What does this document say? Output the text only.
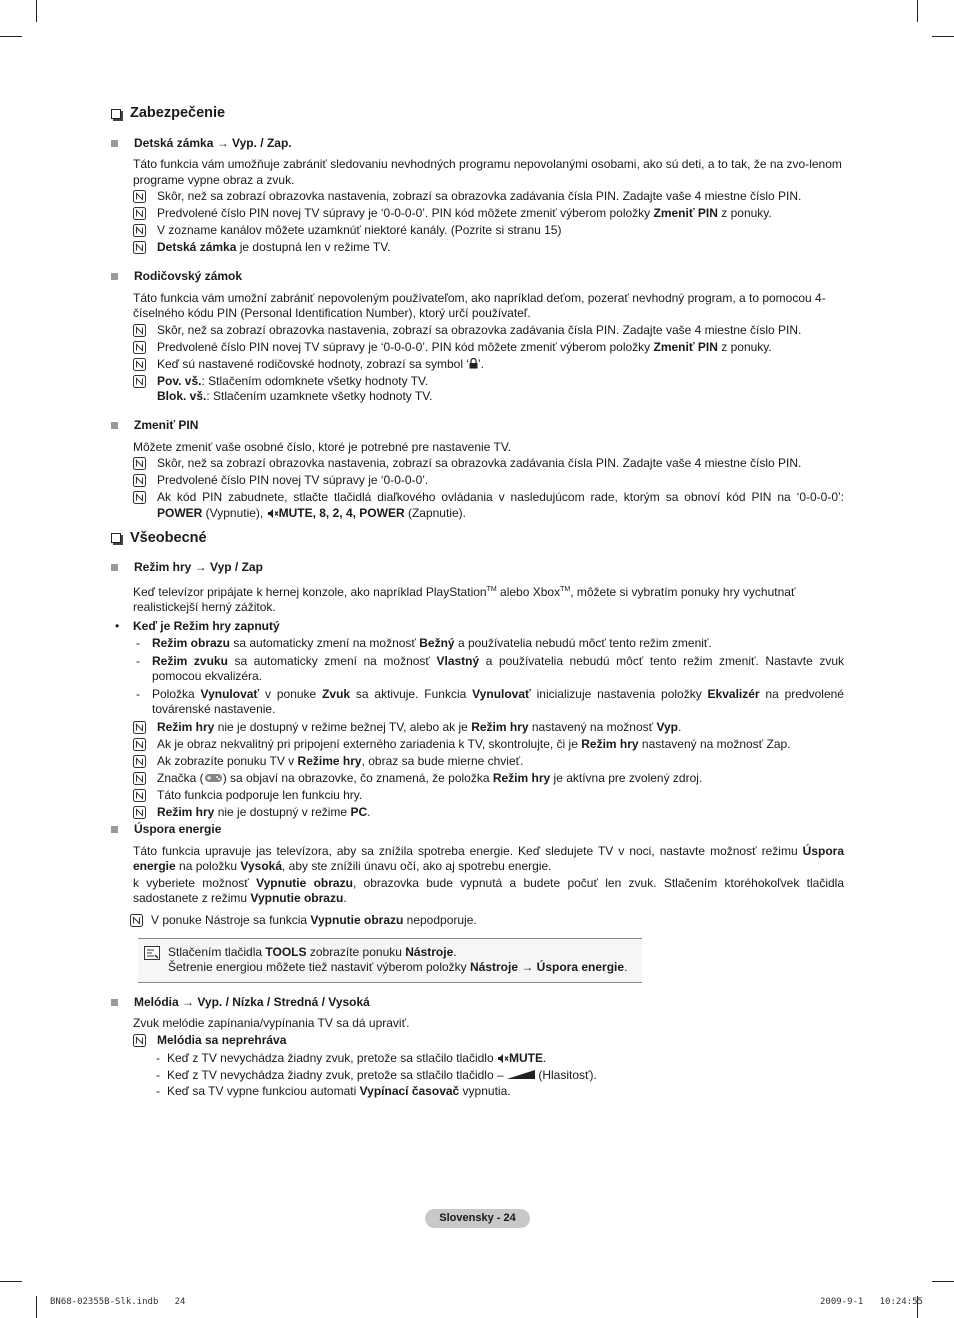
Zabezpečenie
Detská zámka → Vyp. / Zap.
Táto funkcia vám umožňuje zabrániť sledovaniu nevhodných programu nepovolanými osobami, ako sú deti, a to tak, že na zvo-lenom programe vypne obraz a zvuk.
Skôr, než sa zobrazí obrazovka nastavenia, zobrazí sa obrazovka zadávania čísla PIN. Zadajte vaše 4 miestne číslo PIN.
Predvolené číslo PIN novej TV súpravy je ‘0-0-0-0’. PIN kód môžete zmeniť výberom položky Zmeniť PIN z ponuky.
V zozname kanálov môžete uzamknúť niektoré kanály. (Pozrite si stranu 15)
Detská zámka je dostupná len v režime TV.
Rodičovský zámok
Táto funkcia vám umožní zabrániť nepovoleným používateľom, ako napríklad deťom, pozerať nevhodný program, a to pomocou 4-číselného kódu PIN (Personal Identification Number), ktorý určí používateľ.
Skôr, než sa zobrazí obrazovka nastavenia, zobrazí sa obrazovka zadávania čísla PIN. Zadajte vaše 4 miestne číslo PIN.
Predvolené číslo PIN novej TV súpravy je ‘0-0-0-0’. PIN kód môžete zmeniť výberom položky Zmeniť PIN z ponuky.
Keď sú nastavené rodičovské hodnoty, zobrazí sa symbol ‘ ’.
Pov. vš.: Stlačením odomknete všetky hodnoty TV.
Blok. vš.: Stlačením uzamknete všetky hodnoty TV.
Zmeniť PIN
Môžete zmeniť vaše osobné číslo, ktoré je potrebné pre nastavenie TV.
Skôr, než sa zobrazí obrazovka nastavenia, zobrazí sa obrazovka zadávania čísla PIN. Zadajte vaše 4 miestne číslo PIN.
Predvolené číslo PIN novej TV súpravy je ‘0-0-0-0’.
Ak kód PIN zabudnete, stlačte tlačidlá diaľkového ovládania v nasledujúcom rade, ktorým sa obnoví kód PIN na ‘0-0-0-0’: POWER (Vypnutie), MUTE, 8, 2, 4, POWER (Zapnutie).
Všeobecné
Režim hry → Vyp / Zap
Keď televízor pripájate k hernej konzole, ako napríklad PlayStation™ alebo Xbox™, môžete si vybratím ponuky hry vychutnať realistickejší herný zážitok.
•	Keď je Režim hry zapnutý
-	Režim obrazu sa automaticky zmení na možnosť Bežný a používatelia nebudú môcť tento režim zmeniť.
-	Režim zvuku sa automaticky zmení na možnosť Vlastný a používatelia nebudú môcť tento režim zmeniť. Nastavte zvuk pomocou ekvalizéra.
-	Položka Vynulovať v ponuke Zvuk sa aktivuje. Funkcia Vynulovať inicializuje nastavenia položky Ekvalizér na predvolené továrenské nastavenie.
Režim hry nie je dostupný v režime bežnej TV, alebo ak je Režim hry nastavený na možnosť Vyp.
Ak je obraz nekvalitný pri pripojení externého zariadenia k TV, skontrolujte, či je Režim hry nastavený na možnosť Zap.
Ak zobrazíte ponuku TV v Režime hry, obraz sa bude mierne chvieť.
Značka ( ) sa objaví na obrazovke, čo znamená, že položka Režim hry je aktívna pre zvolený zdroj.
Táto funkcia podporuje len funkciu hry.
Režim hry nie je dostupný v režime PC.
Úspora energie
Táto funkcia upravuje jas televízora, aby sa znížila spotreba energie. Keď sledujete TV v noci, nastavte možnosť režimu Úspora energie na položku Vysoká, aby ste znížili únavu očí, ako aj spotrebu energie.
k vyberiete možnosť Vypnutie obrazu, obrazovka bude vypnutá a budete počuť len zvuk. Stlačením ktoréhokoľvek tlačidla sadostanete z režimu Vypnutie obrazu.
V ponuke Nástroje sa funkcia Vypnutie obrazu nepodporuje.
Stlačením tlačidla TOOLS zobrazíte ponuku Nástroje.
Šetrenie energiou môžete tiež nastaviť výberom položky Nástroje → Úspora energie.
Melódia → Vyp. / Nízka / Stredná / Vysoká
Zvuk melódie zapínania/vypínania TV sa dá upraviť.
Melódia sa neprehráva
- Keď z TV nevychádza žiadny zvuk, pretože sa stlačilo tlačidlo MUTE.
- Keď z TV nevychádza žiadny zvuk, pretože sa stlačilo tlačidlo –  (Hlasitosť).
- Keď sa TV vypne funkciou automati Vypínací časovač vypnutia.
Slovensky - 24
BN68-02355B-Slk.indb   24	2009-9-1   10:24:55
